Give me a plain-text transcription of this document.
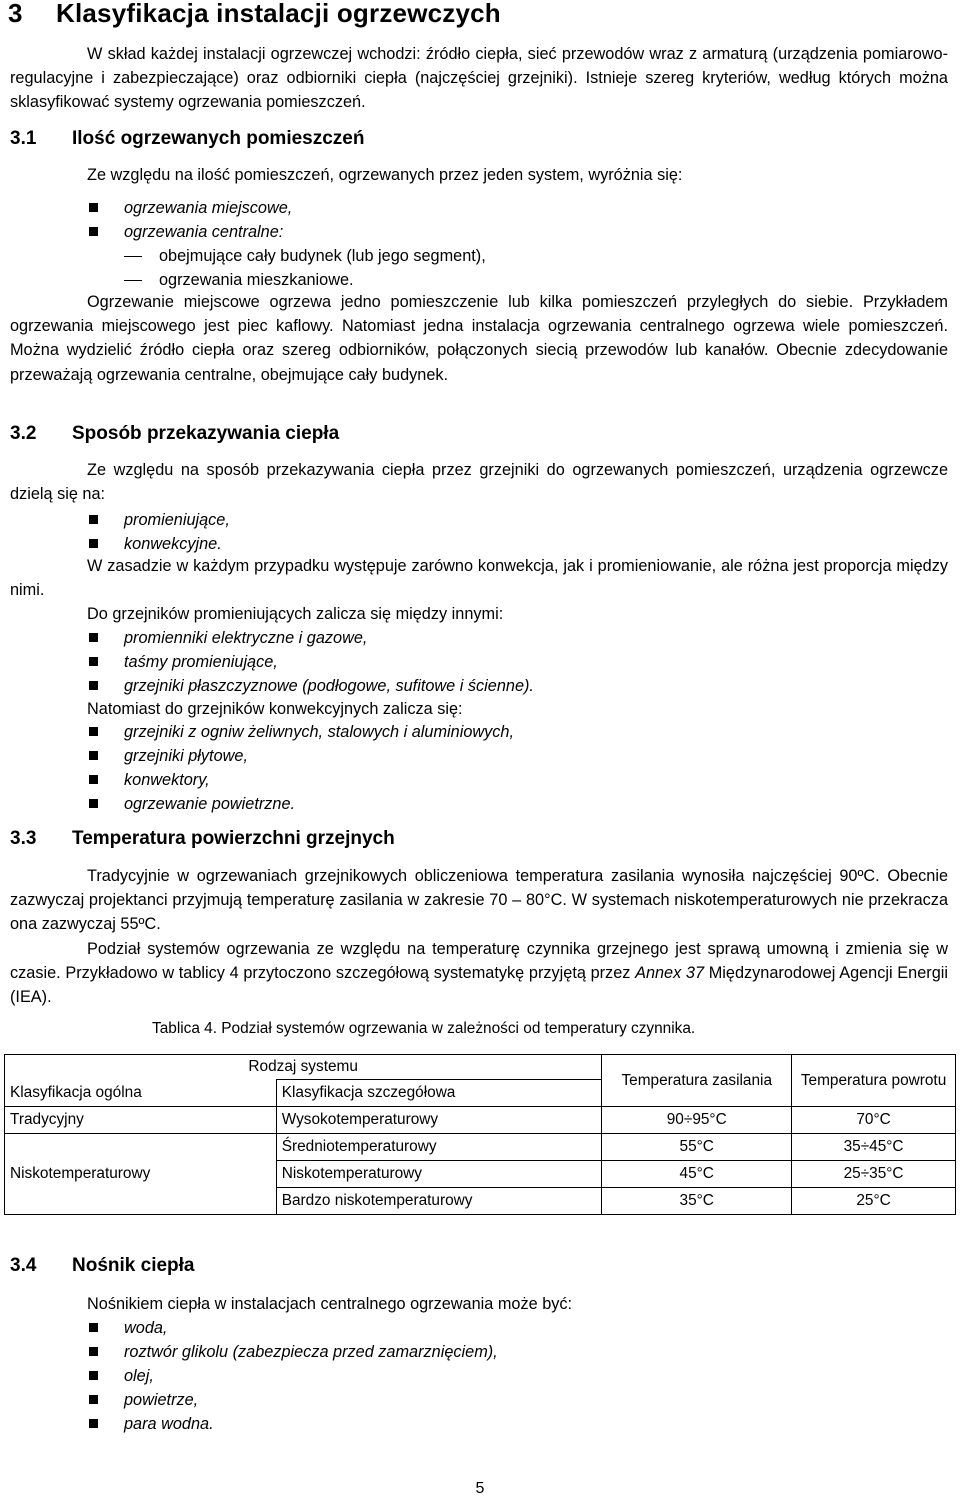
3 Klasyfikacja instalacji ogrzewczych

W skład każdej instalacji ogrzewczej wchodzi: źródło ciepła, sieć przewodów wraz z armaturą (urządzenia pomiarowo-regulacyjne i zabezpieczające) oraz odbiorniki ciepła (najczęściej grzejniki). Istnieje szereg kryteriów, według których można sklasyfikować systemy ogrzewania pomieszczeń.

3.1 Ilość ogrzewanych pomieszczeń

Ze względu na ilość pomieszczeń, ogrzewanych przez jeden system, wyróżnia się:

ogrzewania miejscowe,
ogrzewania centralne:
obejmujące cały budynek (lub jego segment),
ogrzewania mieszkaniowe.

Ogrzewanie miejscowe ogrzewa jedno pomieszczenie lub kilka pomieszczeń przyległych do siebie. Przykładem ogrzewania miejscowego jest piec kaflowy. Natomiast jedna instalacja ogrzewania centralnego ogrzewa wiele pomieszczeń. Można wydzielić źródło ciepła oraz szereg odbiorników, połączonych siecią przewodów lub kanałów. Obecnie zdecydowanie przeważają ogrzewania centralne, obejmujące cały budynek.

3.2 Sposób przekazywania ciepła

Ze względu na sposób przekazywania ciepła przez grzejniki do ogrzewanych pomieszczeń, urządzenia ogrzewcze dzielą się na:

promieniujące,
konwekcyjne.

W zasadzie w każdym przypadku występuje zarówno konwekcja, jak i promieniowanie, ale różna jest proporcja między nimi.

Do grzejników promieniujących zalicza się między innymi:

promienniki elektryczne i gazowe,
taśmy promieniujące,
grzejniki płaszczyznowe (podłogowe, sufitowe i ścienne).

Natomiast do grzejników konwekcyjnych zalicza się:

grzejniki z ogniw żeliwnych, stalowych i aluminiowych,
grzejniki płytowe,
konwektory,
ogrzewanie powietrzne.
3.3 Temperatura powierzchni grzejnych

Tradycyjnie w ogrzewaniach grzejnikowych obliczeniowa temperatura zasilania wynosiła najczęściej 90ºC. Obecnie zazwyczaj projektanci przyjmują temperaturę zasilania w zakresie 70 – 80°C. W systemach niskotemperaturowych nie przekracza ona zazwyczaj 55ºC.

Podział systemów ogrzewania ze względu na temperaturę czynnika grzejnego jest sprawą umowną i zmienia się w czasie. Przykładowo w tablicy 4 przytoczono szczegółową systematykę przyjętą przez Annex 37 Międzynarodowej Agencji Energii (IEA).

Tablica 4. Podział systemów ogrzewania w zależności od temperatury czynnika.

Rodzaj systemu		Temperatura zasilania	Temperatura powrotu
Klasyfikacja ogólna	Klasyfikacja szczegółowa		
Tradycyjny	Wysokotemperaturowy	90÷95°C	70°C
Niskotemperaturowy	Średniotemperaturowy	55°C	35÷45°C
	Niskotemperaturowy	45°C	25÷35°C
	Bardzo niskotemperaturowy	35°C	25°C
3.4 Nośnik ciepła

Nośnikiem ciepła w instalacjach centralnego ogrzewania może być:

woda,
roztwór glikolu (zabezpiecza przed zamarznięciem),
olej,
powietrze,
para wodna.
5
